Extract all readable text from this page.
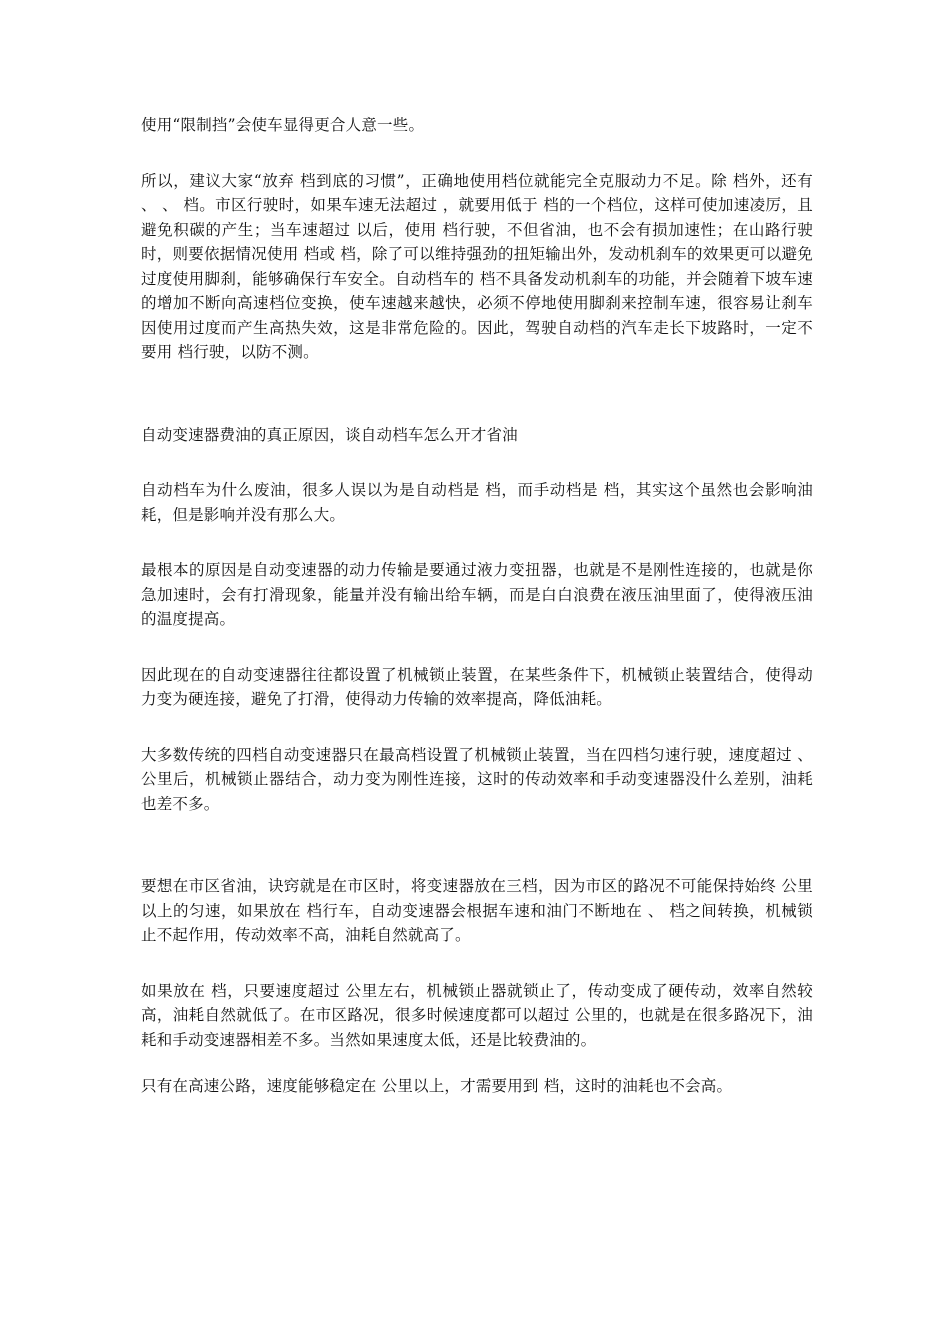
使用“限制挡”会使车显得更合人意一些。

所以，建议大家“放弃 档到底的习惯”，正确地使用档位就能完全克服动力不足。除 档外，还有 、 、 档。市区行驶时，如果车速无法超过 ，就要用低于 档的一个档位，这样可使加速凌厉，且避免积碳的产生；当车速超过 以后，使用 档行驶，不但省油，也不会有损加速性；在山路行驶时，则要依据情况使用 档或 档，除了可以维持强劲的扭矩输出外，发动机刹车的效果更可以避免过度使用脚刹，能够确保行车安全。自动档车的 档不具备发动机刹车的功能，并会随着下坡车速的增加不断向高速档位变换，使车速越来越快，必须不停地使用脚刹来控制车速，很容易让刹车因使用过度而产生高热失效，这是非常危险的。因此，驾驶自动档的汽车走长下坡路时，一定不要用 档行驶，以防不测。

自动变速器费油的真正原因，谈自动档车怎么开才省油

自动档车为什么废油，很多人误以为是自动档是 档，而手动档是 档，其实这个虽然也会影响油耗，但是影响并没有那么大。

最根本的原因是自动变速器的动力传输是要通过液力变扭器，也就是不是刚性连接的，也就是你急加速时，会有打滑现象，能量并没有输出给车辆，而是白白浪费在液压油里面了，使得液压油的温度提高。

因此现在的自动变速器往往都设置了机械锁止装置，在某些条件下，机械锁止装置结合，使得动力变为硬连接，避免了打滑，使得动力传输的效率提高，降低油耗。

大多数传统的四档自动变速器只在最高档设置了机械锁止装置，当在四档匀速行驶，速度超过 、 公里后，机械锁止器结合，动力变为刚性连接，这时的传动效率和手动变速器没什么差别，油耗也差不多。

要想在市区省油，诀窍就是在市区时，将变速器放在三档，因为市区的路况不可能保持始终 公里以上的匀速，如果放在 档行车，自动变速器会根据车速和油门不断地在 、 档之间转换，机械锁止不起作用，传动效率不高，油耗自然就高了。

如果放在 档，只要速度超过 公里左右，机械锁止器就锁止了，传动变成了硬传动，效率自然较高，油耗自然就低了。在市区路况，很多时候速度都可以超过 公里的，也就是在很多路况下，油耗和手动变速器相差不多。当然如果速度太低，还是比较费油的。

只有在高速公路，速度能够稳定在 公里以上，才需要用到 档，这时的油耗也不会高。
